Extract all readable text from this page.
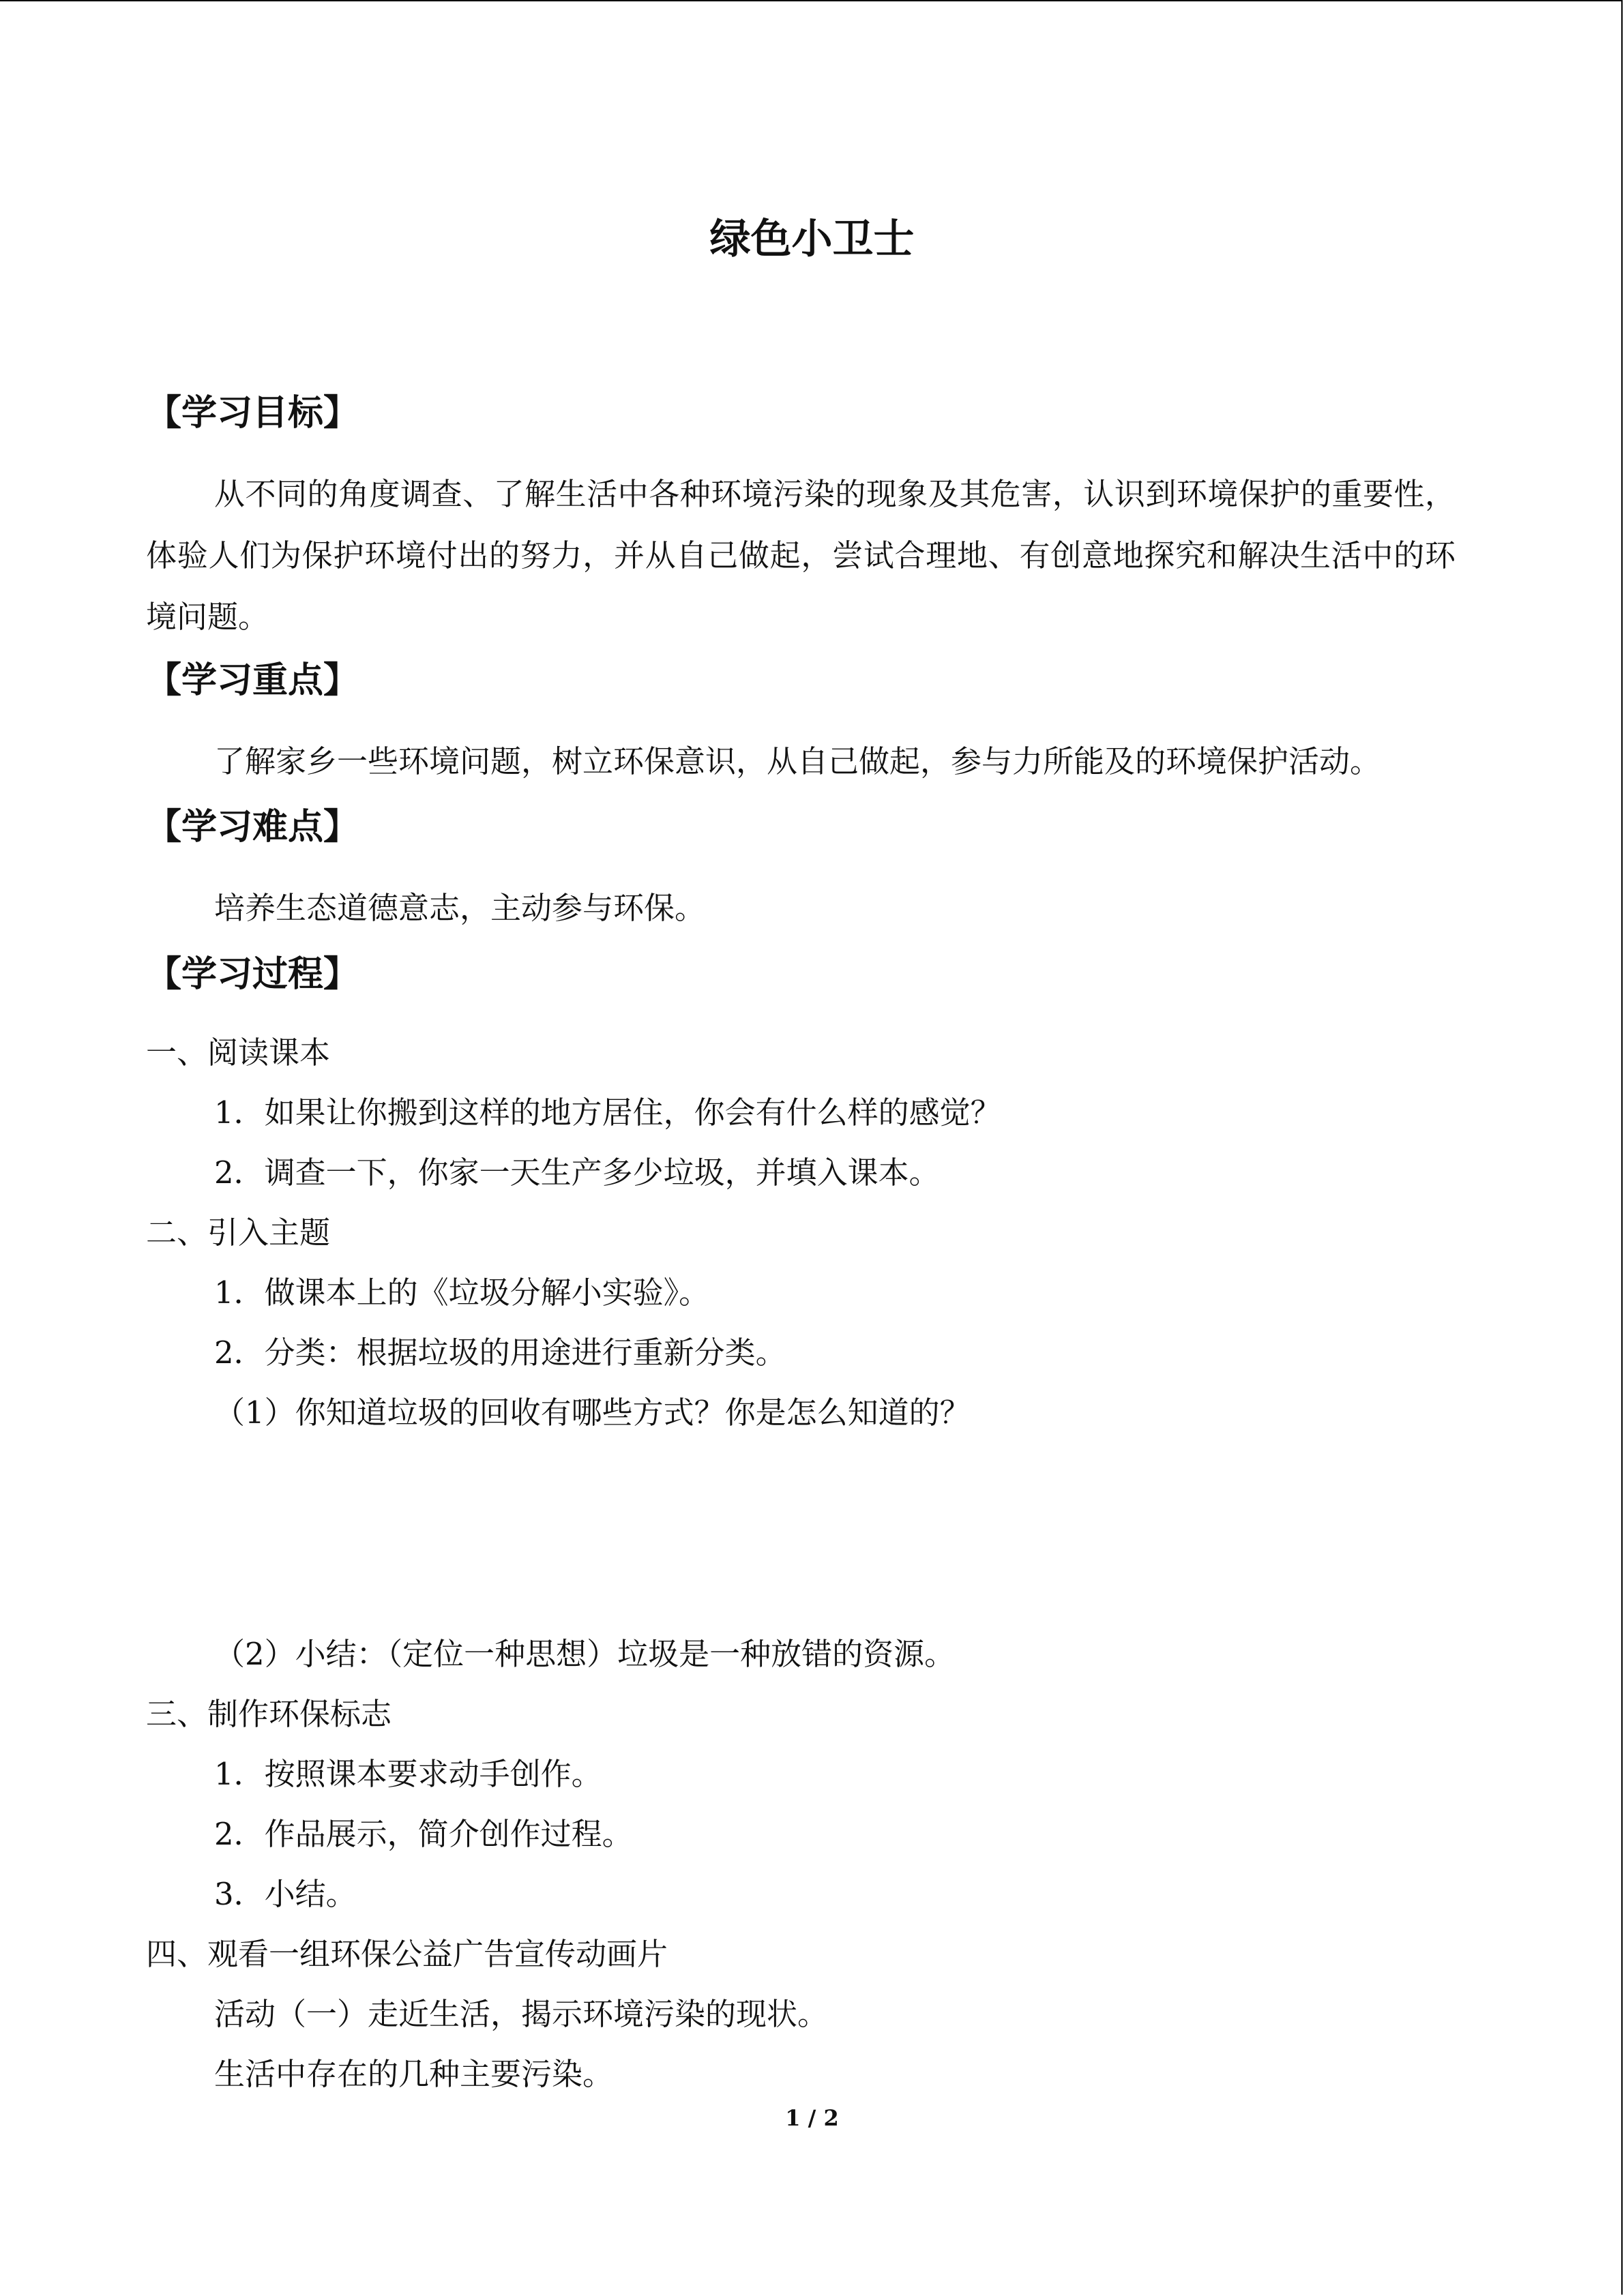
绿色小卫士
【学习目标】
从不同的角度调查、了解生活中各种环境污染的现象及其危害，认识到环境保护的重要性，体验人们为保护环境付出的努力，并从自己做起，尝试合理地、有创意地探究和解决生活中的环境问题。
【学习重点】
了解家乡一些环境问题，树立环保意识，从自己做起，参与力所能及的环境保护活动。
【学习难点】
培养生态道德意志，主动参与环保。
【学习过程】
一、阅读课本
1．如果让你搬到这样的地方居住，你会有什么样的感觉？
2．调查一下，你家一天生产多少垃圾，并填入课本。
二、引入主题
1．做课本上的《垃圾分解小实验》。
2．分类：根据垃圾的用途进行重新分类。
（1）你知道垃圾的回收有哪些方式？你是怎么知道的？
（2）小结：（定位一种思想）垃圾是一种放错的资源。
三、制作环保标志
1．按照课本要求动手创作。
2．作品展示，简介创作过程。
3．小结。
四、观看一组环保公益广告宣传动画片
活动（一）走近生活，揭示环境污染的现状。
生活中存在的几种主要污染。
1 / 2
